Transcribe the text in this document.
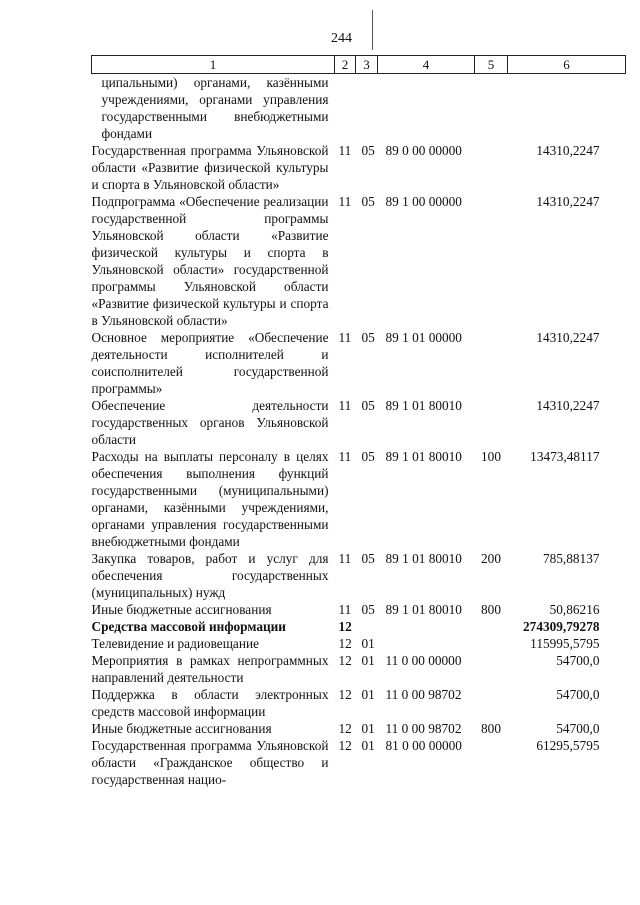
244
1	2	3	4	5	6
ципальными) органами, казёнными учреждениями, органами управления государственными внебюджетными фондами					
Государственная программа Ульяновской области «Развитие физической культуры и спорта в Ульяновской области»	11	05	89 0 00 00000		14310,2247
Подпрограмма «Обеспечение реализации государственной программы Ульяновской области «Развитие физической культуры и спорта в Ульяновской области» государственной программы Ульяновской области «Развитие физической культуры и спорта в Ульяновской области»	11	05	89 1 00 00000		14310,2247
Основное мероприятие «Обеспечение деятельности исполнителей и соисполнителей государственной программы»	11	05	89 1 01 00000		14310,2247
Обеспечение деятельности государственных органов Ульяновской области	11	05	89 1 01 80010		14310,2247
Расходы на выплаты персоналу в целях обеспечения выполнения функций государственными (муниципальными) органами, казёнными учреждениями, органами управления государственными внебюджетными фондами	11	05	89 1 01 80010	100	13473,48117
Закупка товаров, работ и услуг для обеспечения государственных (муниципальных) нужд	11	05	89 1 01 80010	200	785,88137
Иные бюджетные ассигнования	11	05	89 1 01 80010	800	50,86216
Средства массовой информации	12				274309,79278
Телевидение и радиовещание	12	01			115995,5795
Мероприятия в рамках непрограммных направлений деятельности	12	01	11 0 00 00000		54700,0
Поддержка в области электронных средств массовой информации	12	01	11 0 00 98702		54700,0
Иные бюджетные ассигнования	12	01	11 0 00 98702	800	54700,0
Государственная программа Ульяновской области «Гражданское общество и государственная нацио-	12	01	81 0 00 00000		61295,5795
